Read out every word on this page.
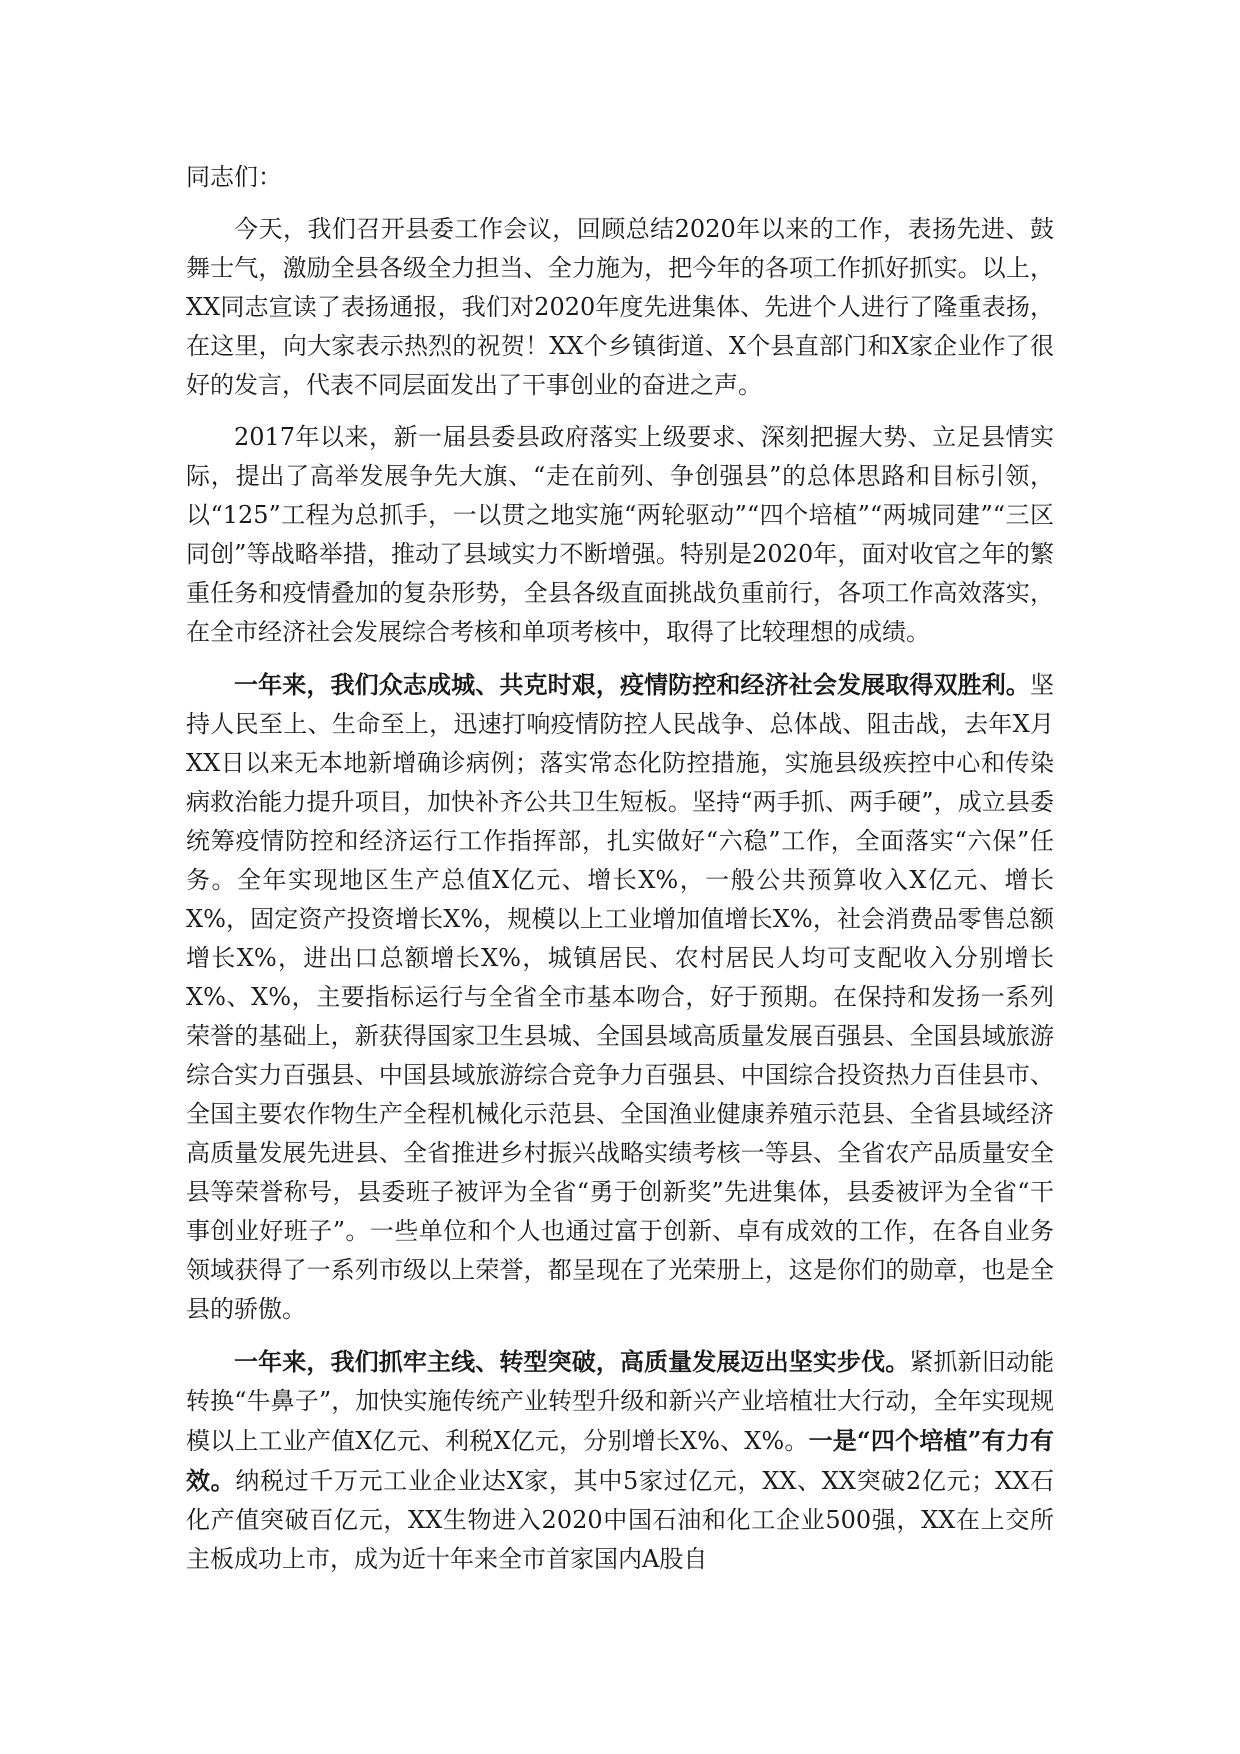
同志们：

今天，我们召开县委工作会议，回顾总结2020年以来的工作，表扬先进、鼓舞士气，激励全县各级全力担当、全力施为，把今年的各项工作抓好抓实。以上，XX同志宣读了表扬通报，我们对2020年度先进集体、先进个人进行了隆重表扬，在这里，向大家表示热烈的祝贺！XX个乡镇街道、X个县直部门和X家企业作了很好的发言，代表不同层面发出了干事创业的奋进之声。

2017年以来，新一届县委县政府落实上级要求、深刻把握大势、立足县情实际，提出了高举发展争先大旗、“走在前列、争创强县”的总体思路和目标引领，以“125”工程为总抓手，一以贯之地实施“两轮驱动”“四个培植”“两城同建”“三区同创”等战略举措，推动了县域实力不断增强。特别是2020年，面对收官之年的繁重任务和疫情叠加的复杂形势，全县各级直面挑战负重前行，各项工作高效落实，在全市经济社会发展综合考核和单项考核中，取得了比较理想的成绩。

一年来，我们众志成城、共克时艰，疫情防控和经济社会发展取得双胜利。坚持人民至上、生命至上，迅速打响疫情防控人民战争、总体战、阻击战，去年X月XX日以来无本地新增确诊病例；落实常态化防控措施，实施县级疾控中心和传染病救治能力提升项目，加快补齐公共卫生短板。坚持“两手抓、两手硬”，成立县委统筹疫情防控和经济运行工作指挥部，扎实做好“六稳”工作，全面落实“六保”任务。全年实现地区生产总值X亿元、增长X%，一般公共预算收入X亿元、增长X%，固定资产投资增长X%，规模以上工业增加值增长X%，社会消费品零售总额增长X%，进出口总额增长X%，城镇居民、农村居民人均可支配收入分别增长X%、X%，主要指标运行与全省全市基本吻合，好于预期。在保持和发扬一系列荣誉的基础上，新获得国家卫生县城、全国县域高质量发展百强县、全国县域旅游综合实力百强县、中国县域旅游综合竞争力百强县、中国综合投资热力百佳县市、全国主要农作物生产全程机械化示范县、全国渔业健康养殖示范县、全省县域经济高质量发展先进县、全省推进乡村振兴战略实绩考核一等县、全省农产品质量安全县等荣誉称号，县委班子被评为全省“勇于创新奖”先进集体，县委被评为全省“干事创业好班子”。一些单位和个人也通过富于创新、卓有成效的工作，在各自业务领域获得了一系列市级以上荣誉，都呈现在了光荣册上，这是你们的勋章，也是全县的骄傲。

一年来，我们抓牢主线、转型突破，高质量发展迈出坚实步伐。紧抓新旧动能转换“牛鼻子”，加快实施传统产业转型升级和新兴产业培植壮大行动，全年实现规模以上工业产值X亿元、利税X亿元，分别增长X%、X%。一是“四个培植”有力有效。纳税过千万元工业企业达X家，其中5家过亿元，XX、XX突破2亿元；XX石化产值突破百亿元，XX生物进入2020中国石油和化工企业500强，XX在上交所主板成功上市，成为近十年来全市首家国内A股自
